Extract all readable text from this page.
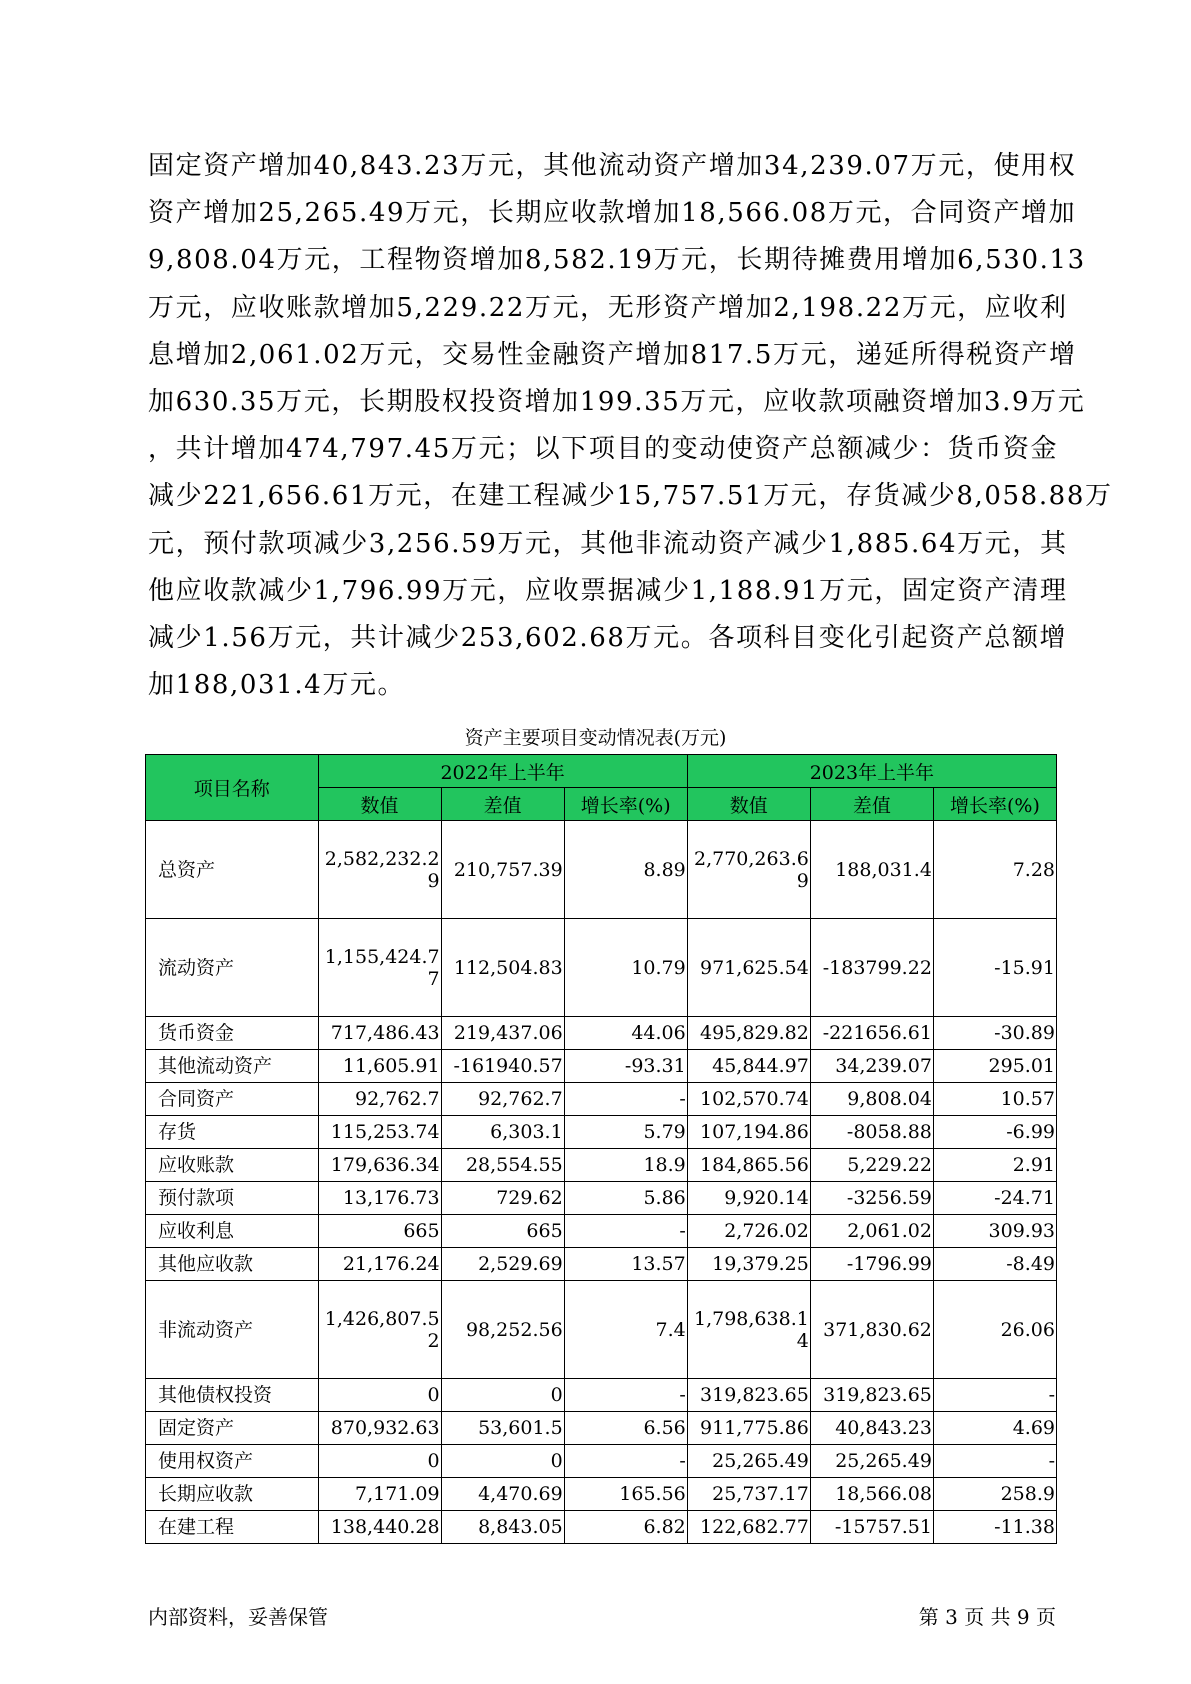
固定资产增加40,843.23万元，其他流动资产增加34,239.07万元，使用权
资产增加25,265.49万元，长期应收款增加18,566.08万元，合同资产增加
9,808.04万元，工程物资增加8,582.19万元，长期待摊费用增加6,530.13
万元，应收账款增加5,229.22万元，无形资产增加2,198.22万元，应收利
息增加2,061.02万元，交易性金融资产增加817.5万元，递延所得税资产增
加630.35万元，长期股权投资增加199.35万元，应收款项融资增加3.9万元
，共计增加474,797.45万元；以下项目的变动使资产总额减少：货币资金
减少221,656.61万元，在建工程减少15,757.51万元，存货减少8,058.88万
元，预付款项减少3,256.59万元，其他非流动资产减少1,885.64万元，其
他应收款减少1,796.99万元，应收票据减少1,188.91万元，固定资产清理
减少1.56万元，共计减少253,602.68万元。各项科目变化引起资产总额增
加188,031.4万元。
资产主要项目变动情况表(万元)
项目名称	2022年上半年			2023年上半年		
	数值	差值	增长率(%)	数值	差值	增长率(%)
总资产	2,582,232.29	210,757.39	8.89	2,770,263.69	188,031.4	7.28
流动资产	1,155,424.77	112,504.83	10.79	971,625.54	-183799.22	-15.91
货币资金	717,486.43	219,437.06	44.06	495,829.82	-221656.61	-30.89
其他流动资产	11,605.91	-161940.57	-93.31	45,844.97	34,239.07	295.01
合同资产	92,762.7	92,762.7	-	102,570.74	9,808.04	10.57
存货	115,253.74	6,303.1	5.79	107,194.86	-8058.88	-6.99
应收账款	179,636.34	28,554.55	18.9	184,865.56	5,229.22	2.91
预付款项	13,176.73	729.62	5.86	9,920.14	-3256.59	-24.71
应收利息	665	665	-	2,726.02	2,061.02	309.93
其他应收款	21,176.24	2,529.69	13.57	19,379.25	-1796.99	-8.49
非流动资产	1,426,807.52	98,252.56	7.4	1,798,638.14	371,830.62	26.06
其他债权投资	0	0	-	319,823.65	319,823.65	-
固定资产	870,932.63	53,601.5	6.56	911,775.86	40,843.23	4.69
使用权资产	0	0	-	25,265.49	25,265.49	-
长期应收款	7,171.09	4,470.69	165.56	25,737.17	18,566.08	258.9
在建工程	138,440.28	8,843.05	6.82	122,682.77	-15757.51	-11.38
内部资料，妥善保管	第 3 页 共 9 页
